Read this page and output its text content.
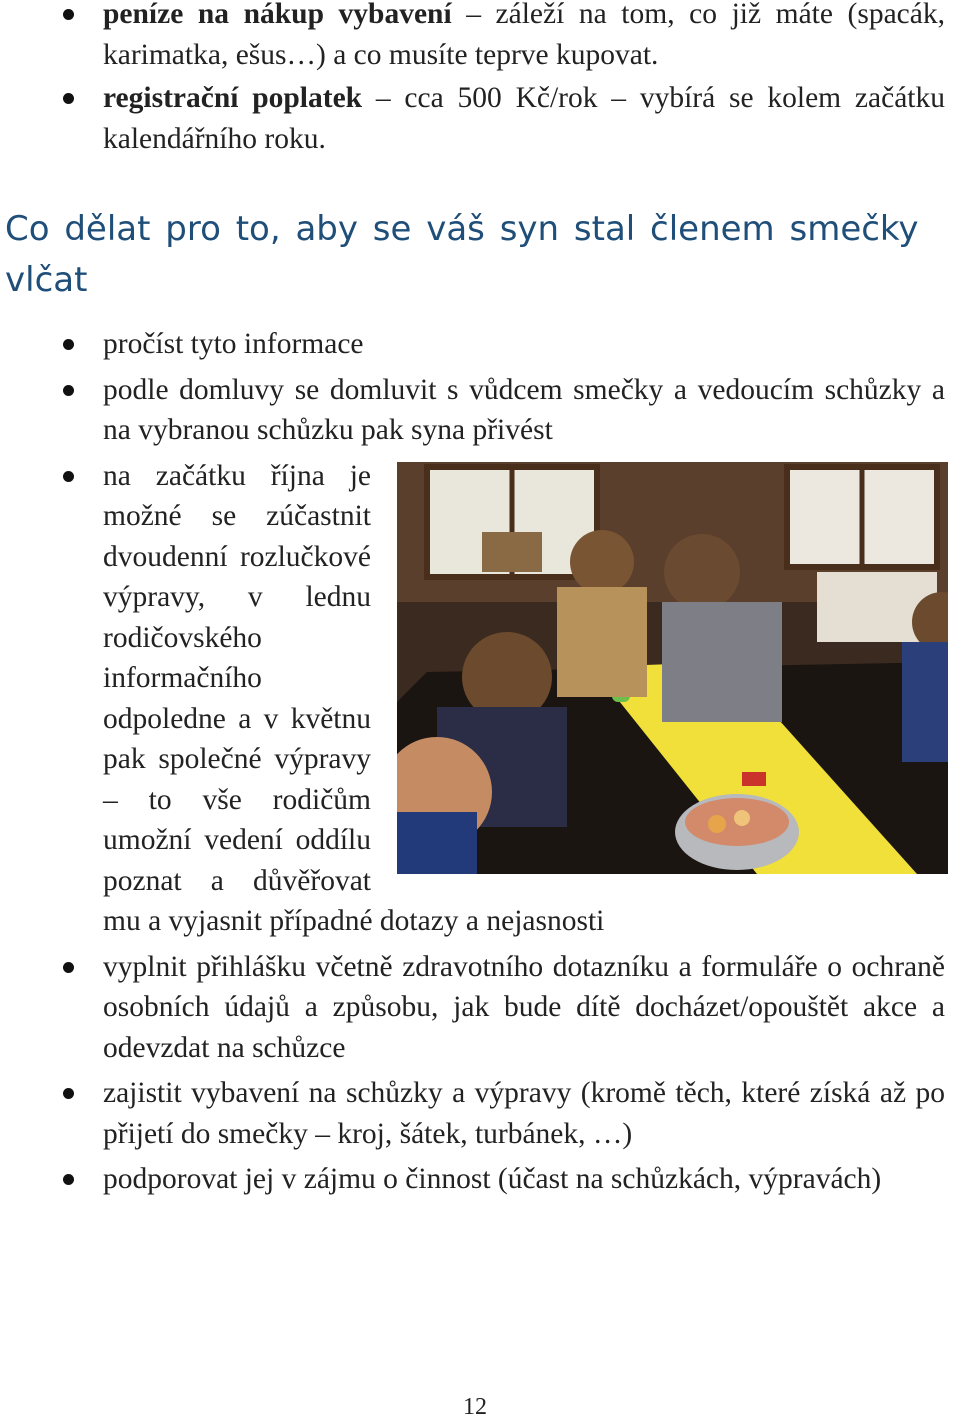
peníze na nákup vybavení – záleží na tom, co již máte (spacák, karimatka, ešus…) a co musíte teprve kupovat.
registrační poplatek – cca 500 Kč/rok – vybírá se kolem začátku kalendářního roku.
Co dělat pro to, aby se váš syn stal členem smečky vlčat
pročíst tyto informace
podle domluvy se domluvit s vůdcem smečky a vedoucím schůzky a na vybranou schůzku pak syna přivést
na začátku října je možné se zúčastnit dvoudenní rozlučkové výpravy, v lednu rodičovského informačního odpoledne a v květnu pak společné výpravy – to vše rodičům umožní vedení oddílu poznat a důvěřovat mu a vyjasnit případné dotazy a nejasnosti
vyplnit přihlášku včetně zdravotního dotazníku a formuláře o ochraně osobních údajů a způsobu, jak bude dítě docházet/opouštět akce a odevzdat na schůzce
zajistit vybavení na schůzky a výpravy (kromě těch, které získá až po přijetí do smečky – kroj, šátek, turbánek, …)
podporovat jej v zájmu o činnost (účast na schůzkách, výpravách)
12
